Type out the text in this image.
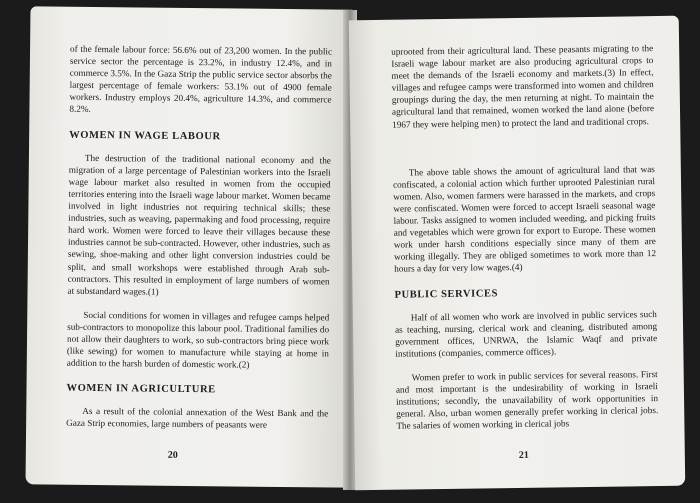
of the female labour force: 56.6% out of 23,200 women. In the public service sector the percentage is 23.2%, in industry 12.4%, and in commerce 3.5%. In the Gaza Strip the public service sector absorbs the largest percentage of female workers: 53.1% out of 4900 female workers. Industry employs 20.4%, agriculture 14.3%, and commerce 8.2%.

WOMEN IN WAGE LABOUR

The destruction of the traditional national economy and the migration of a large percentage of Palestinian workers into the Israeli wage labour market also resulted in women from the occupied territories entering into the Israeli wage labour market. Women became involved in light industries not requiring technical skills; these industries, such as weaving, papermaking and food processing, require hard work. Women were forced to leave their villages because these industries cannot be sub-contracted. However, other industries, such as sewing, shoe-making and other light conversion industries could be split, and small workshops were established through Arab sub-contractors. This resulted in employment of large numbers of women at substandard wages.(1)

Social conditions for women in villages and refugee camps helped sub-contractors to monopolize this labour pool. Traditional families do not allow their daughters to work, so sub-contractors bring piece work (like sewing) for women to manufacture while staying at home in addition to the harsh burden of domestic work.(2)

WOMEN IN AGRICULTURE

As a result of the colonial annexation of the West Bank and the Gaza Strip economies, large numbers of peasants were

20

uprooted from their agricultural land. These peasants migrating to the Israeli wage labour market are also producing agricultural crops to meet the demands of the Israeli economy and markets.(3) In effect, villages and refugee camps were transformed into women and children groupings during the day, the men returning at night. To maintain the agricultural land that remained, women worked the land alone (before 1967 they were helping men) to protect the land and traditional crops.

The above table shows the amount of agricultural land that was confiscated, a colonial action which further uprooted Palestinian rural women. Also, women farmers were harassed in the markets, and crops were confiscated. Women were forced to accept Israeli seasonal wage labour. Tasks assigned to women included weeding, and picking fruits and vegetables which were grown for export to Europe. These women work under harsh conditions especially since many of them are working illegally. They are obliged sometimes to work more than 12 hours a day for very low wages.(4)

PUBLIC SERVICES

Half of all women who work are involved in public services such as teaching, nursing, clerical work and cleaning, distributed among government offices, UNRWA, the Islamic Waqf and private institutions (companies, commerce offices).

Women prefer to work in public services for several reasons. First and most important is the undesirability of working in Israeli institutions; secondly, the unavailability of work opportunities in general. Also, urban women generally prefer working in clerical jobs. The salaries of women working in clerical jobs

21
